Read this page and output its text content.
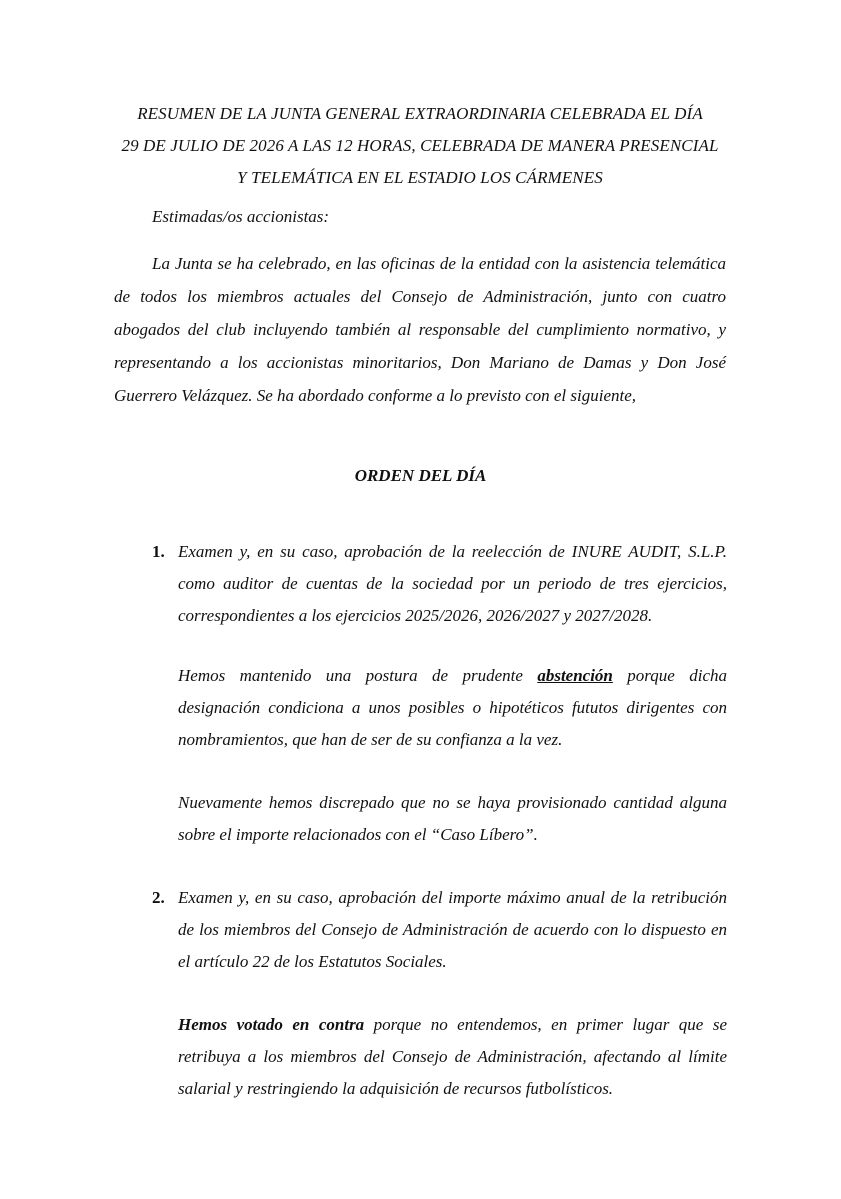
RESUMEN DE LA JUNTA GENERAL EXTRAORDINARIA CELEBRADA EL DÍA
29 DE JULIO DE 2026 A LAS 12 HORAS, CELEBRADA DE MANERA PRESENCIAL
Y TELEMÁTICA EN EL ESTADIO LOS CÁRMENES
Estimadas/os accionistas:

La Junta se ha celebrado, en las oficinas de la entidad con la asistencia telemática de todos los miembros actuales del Consejo de Administración, junto con cuatro abogados del club incluyendo también al responsable del cumplimiento normativo, y representando a los accionistas minoritarios, Don Mariano de Damas y Don José Guerrero Velázquez. Se ha abordado conforme a lo previsto con el siguiente,

ORDEN DEL DÍA
1. Examen y, en su caso, aprobación de la reelección de INURE AUDIT, S.L.P. como auditor de cuentas de la sociedad por un periodo de tres ejercicios, correspondientes a los ejercicios 2025/2026, 2026/2027 y 2027/2028.

Hemos mantenido una postura de prudente abstención porque dicha designación condiciona a unos posibles o hipotéticos fututos dirigentes con nombramientos, que han de ser de su confianza a la vez.

Nuevamente hemos discrepado que no se haya provisionado cantidad alguna sobre el importe relacionados con el “Caso Líbero”.

2. Examen y, en su caso, aprobación del importe máximo anual de la retribución de los miembros del Consejo de Administración de acuerdo con lo dispuesto en el artículo 22 de los Estatutos Sociales.

Hemos votado en contra porque no entendemos, en primer lugar que se retribuya a los miembros del Consejo de Administración, afectando al límite salarial y restringiendo la adquisición de recursos futbolísticos.
